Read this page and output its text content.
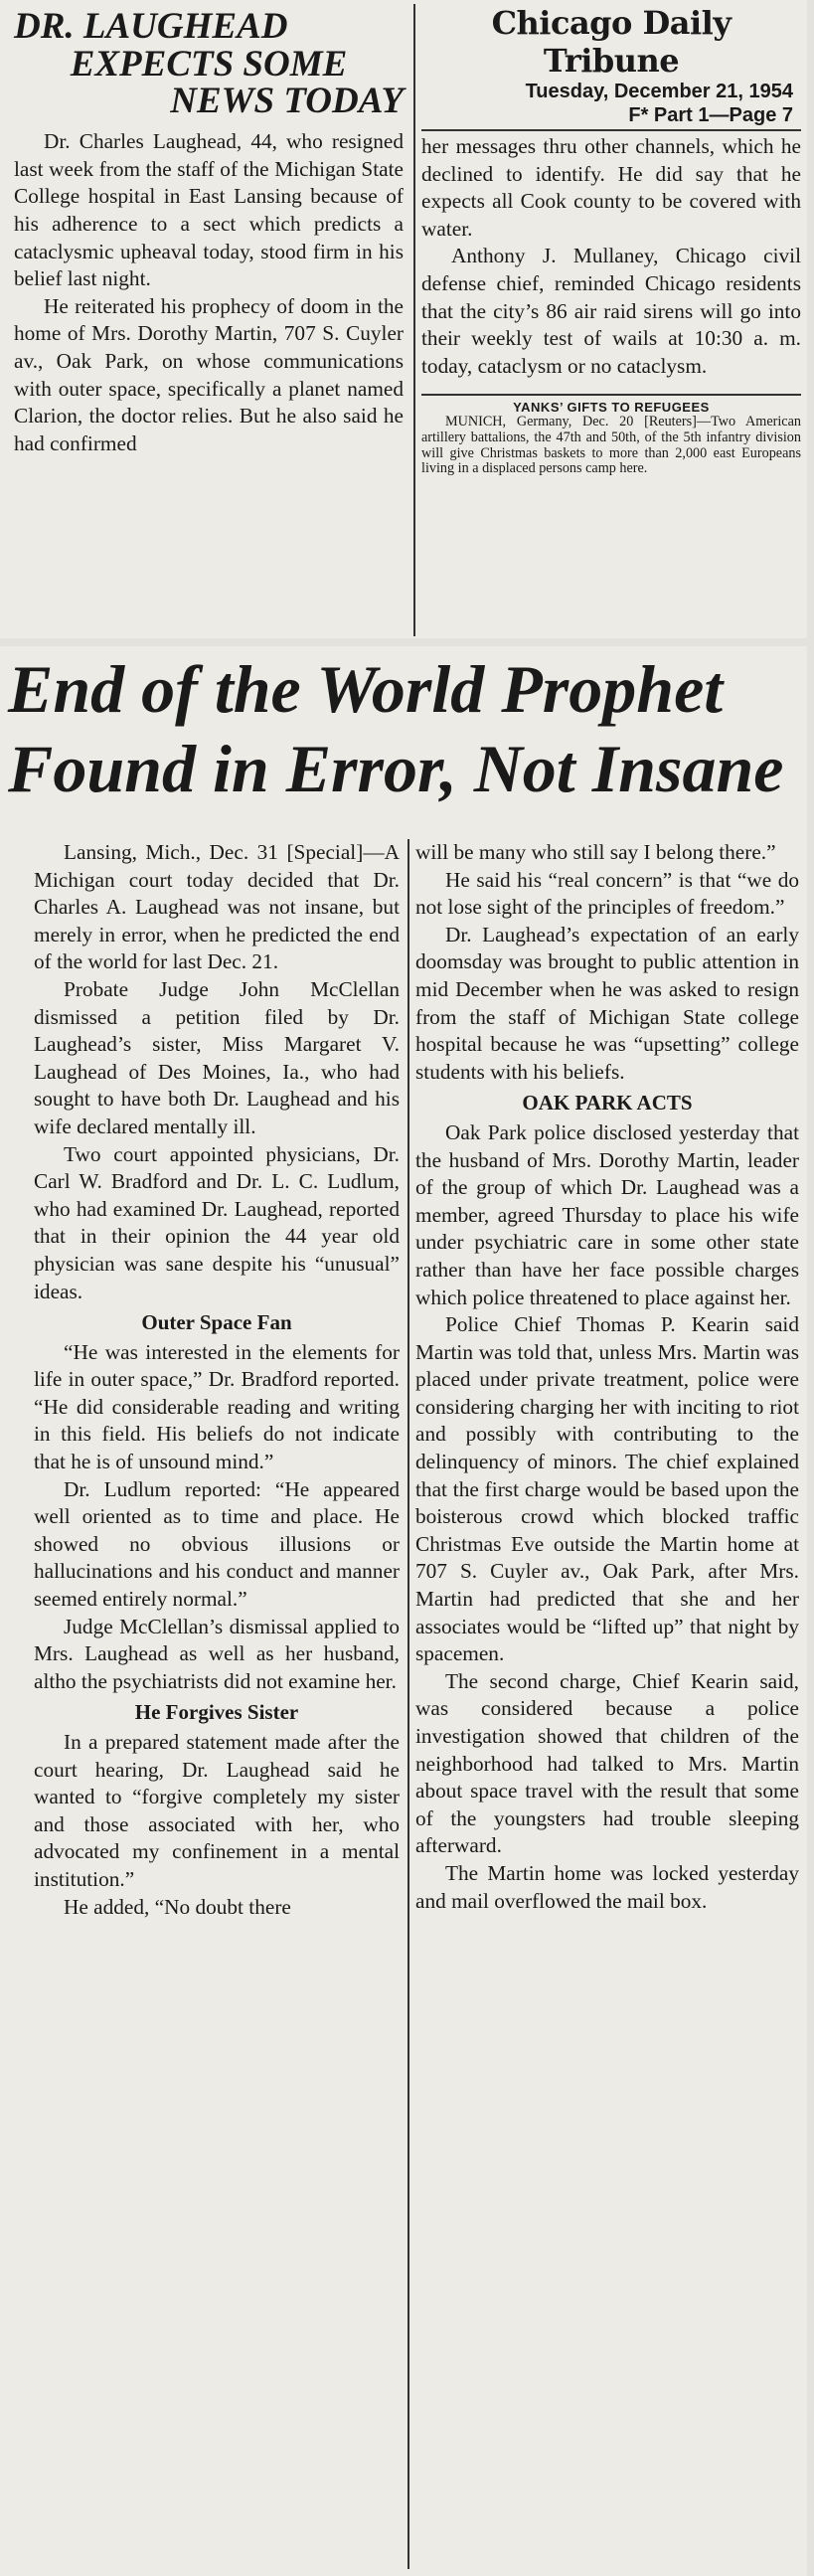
DR. LAUGHEAD
EXPECTS SOME
NEWS TODAY

Dr. Charles Laughead, 44, who resigned last week from the staff of the Michigan State College hospital in East Lansing because of his adherence to a sect which predicts a cataclysmic upheaval today, stood firm in his belief last night.

He reiterated his prophecy of doom in the home of Mrs. Dorothy Martin, 707 S. Cuyler av., Oak Park, on whose communications with outer space, specifically a planet named Clarion, the doctor relies. But he also said he had confirmed

Chicago Daily Tribune
Tuesday, December 21, 1954
F* Part 1—Page 7

her messages thru other channels, which he declined to identify. He did say that he expects all Cook county to be covered with water.

Anthony J. Mullaney, Chicago civil defense chief, reminded Chicago residents that the city’s 86 air raid sirens will go into their weekly test of wails at 10:30 a. m. today, cataclysm or no cataclysm.

YANKS’ GIFTS TO REFUGEES
MUNICH, Germany, Dec. 20 [Reuters]—Two American artillery battalions, the 47th and 50th, of the 5th infantry division will give Christmas baskets to more than 2,000 east Europeans living in a displaced persons camp here.
End of the World Prophet
Found in Error, Not Insane

Lansing, Mich., Dec. 31 [Special]—A Michigan court today decided that Dr. Charles A. Laughead was not insane, but merely in error, when he predicted the end of the world for last Dec. 21.

Probate Judge John McClellan dismissed a petition filed by Dr. Laughead’s sister, Miss Margaret V. Laughead of Des Moines, Ia., who had sought to have both Dr. Laughead and his wife declared mentally ill.

Two court appointed physicians, Dr. Carl W. Bradford and Dr. L. C. Ludlum, who had examined Dr. Laughead, reported that in their opinion the 44 year old physician was sane despite his “unusual” ideas.

Outer Space Fan

“He was interested in the elements for life in outer space,” Dr. Bradford reported. “He did considerable reading and writing in this field. His beliefs do not indicate that he is of unsound mind.”

Dr. Ludlum reported: “He appeared well oriented as to time and place. He showed no obvious illusions or hallucinations and his conduct and manner seemed entirely normal.”

Judge McClellan’s dismissal applied to Mrs. Laughead as well as her husband, altho the psychiatrists did not examine her.

He Forgives Sister

In a prepared statement made after the court hearing, Dr. Laughead said he wanted to “forgive completely my sister and those associated with her, who advocated my confinement in a mental institution.”

He added, “No doubt there

will be many who still say I belong there.”

He said his “real concern” is that “we do not lose sight of the principles of freedom.”

Dr. Laughead’s expectation of an early doomsday was brought to public attention in mid December when he was asked to resign from the staff of Michigan State college hospital because he was “upsetting” college students with his beliefs.

OAK PARK ACTS

Oak Park police disclosed yesterday that the husband of Mrs. Dorothy Martin, leader of the group of which Dr. Laughead was a member, agreed Thursday to place his wife under psychiatric care in some other state rather than have her face possible charges which police threatened to place against her.

Police Chief Thomas P. Kearin said Martin was told that, unless Mrs. Martin was placed under private treatment, police were considering charging her with inciting to riot and possibly with contributing to the delinquency of minors. The chief explained that the first charge would be based upon the boisterous crowd which blocked traffic Christmas Eve outside the Martin home at 707 S. Cuyler av., Oak Park, after Mrs. Martin had predicted that she and her associates would be “lifted up” that night by spacemen.

The second charge, Chief Kearin said, was considered because a police investigation showed that children of the neighborhood had talked to Mrs. Martin about space travel with the result that some of the youngsters had trouble sleeping afterward.

The Martin home was locked yesterday and mail overflowed the mail box.
